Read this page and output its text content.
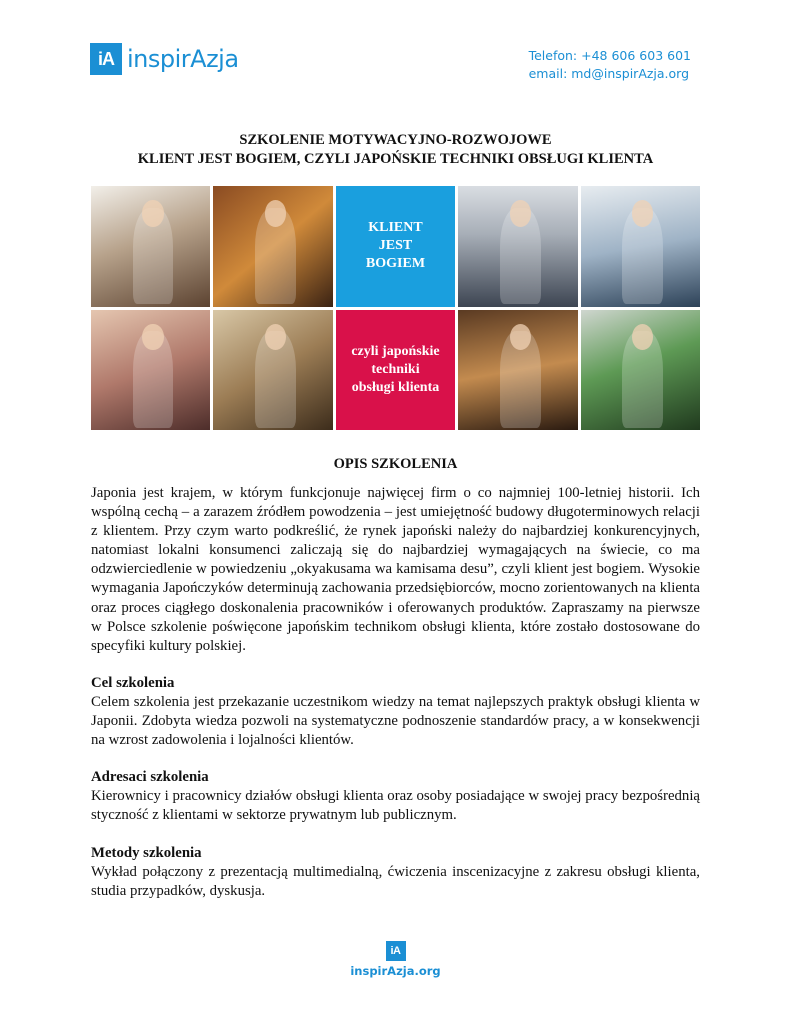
iA inspirAzja	Telefon: +48 606 603 601
email: md@inspirAzja.org
SZKOLENIE MOTYWACYJNO-ROZWOJOWE
KLIENT JEST BOGIEM, CZYLI JAPOŃSKIE TECHNIKI OBSŁUGI KLIENTA
KLIENT
JEST
BOGIEM
czyli japońskie
techniki
obsługi klienta
OPIS SZKOLENIA

Japonia jest krajem, w którym funkcjonuje najwięcej firm o co najmniej 100-letniej historii. Ich wspólną cechą – a zarazem źródłem powodzenia – jest umiejętność budowy długoterminowych relacji z klientem. Przy czym warto podkreślić, że rynek japoński należy do najbardziej konkurencyjnych, natomiast lokalni konsumenci zaliczają się do najbardziej wymagających na świecie, co ma odzwierciedlenie w powiedzeniu „okyakusama wa kamisama desu”, czyli klient jest bogiem. Wysokie wymagania Japończyków determinują zachowania przedsiębiorców, mocno zorientowanych na klienta oraz proces ciągłego doskonalenia pracowników i oferowanych produktów. Zapraszamy na pierwsze w Polsce szkolenie poświęcone japońskim technikom obsługi klienta, które zostało dostosowane do specyfiki kultury polskiej.

Cel szkolenia

Celem szkolenia jest przekazanie uczestnikom wiedzy na temat najlepszych praktyk obsługi klienta w Japonii. Zdobyta wiedza pozwoli na systematyczne podnoszenie standardów pracy, a w konsekwencji na wzrost zadowolenia i lojalności klientów.

Adresaci szkolenia

Kierownicy i pracownicy działów obsługi klienta oraz osoby posiadające w swojej pracy bezpośrednią styczność z klientami w sektorze prywatnym lub publicznym.

Metody szkolenia

Wykład połączony z prezentacją multimedialną, ćwiczenia inscenizacyjne z zakresu obsługi klienta, studia przypadków, dyskusja.

iA
inspirAzja.org
